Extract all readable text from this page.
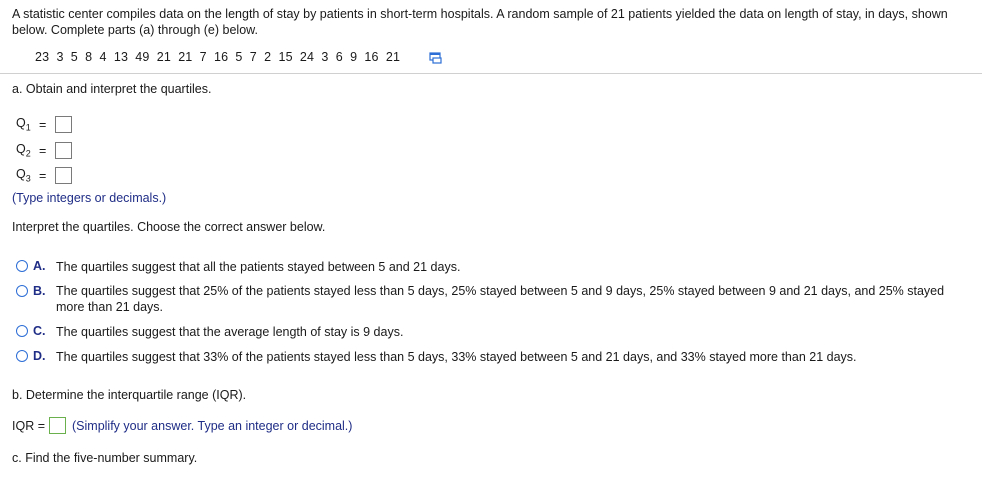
A statistic center compiles data on the length of stay by patients in short-term hospitals. A random sample of 21 patients yielded the data on length of stay, in days, shown below. Complete parts (a) through (e) below.
23  3  5  8  4  13  49  21  21  7  16  5  7  2  15  24  3  6  9  16  21
a. Obtain and interpret the quartiles.
$Q_1$ =
$Q_2$ =
$Q_3$ =
(Type integers or decimals.)
Interpret the quartiles. Choose the correct answer below.
A. The quartiles suggest that all the patients stayed between 5 and 21 days.
B. The quartiles suggest that 25% of the patients stayed less than 5 days, 25% stayed between 5 and 9 days, 25% stayed between 9 and 21 days, and 25% stayed more than 21 days.
C. The quartiles suggest that the average length of stay is 9 days.
D. The quartiles suggest that 33% of the patients stayed less than 5 days, 33% stayed between 5 and 21 days, and 33% stayed more than 21 days.
b. Determine the interquartile range (IQR).
IQR = (Simplify your answer. Type an integer or decimal.)
c. Find the five-number summary.
